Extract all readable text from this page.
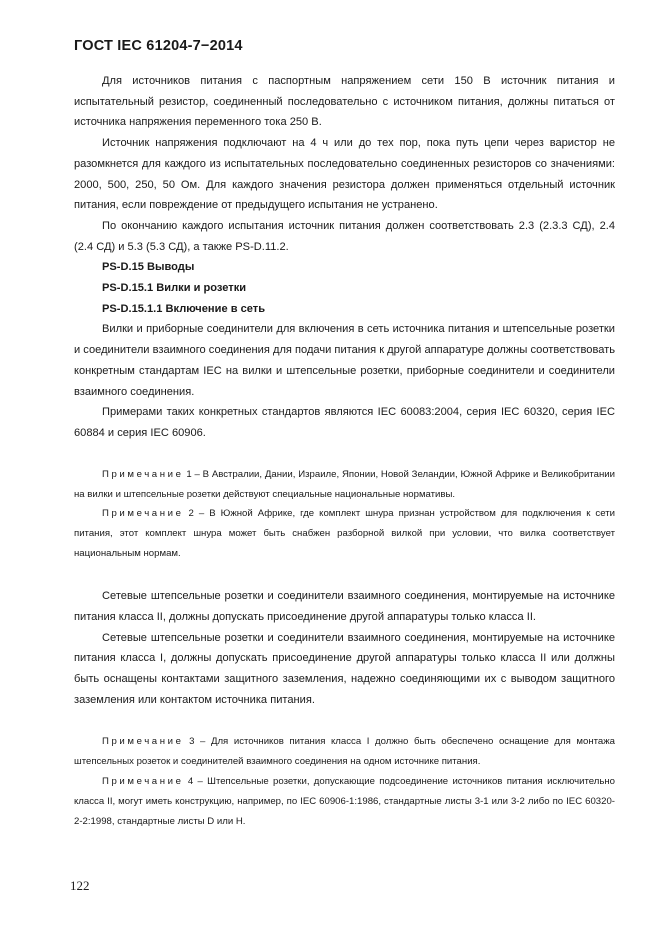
ГОСТ IEC 61204-7−2014

Для источников питания с паспортным напряжением сети 150 В источник питания и испытательный резистор, соединенный последовательно с источником питания, должны питаться от источника напряжения переменного тока 250 В.

Источник напряжения подключают на 4 ч или до тех пор, пока путь цепи через варистор не разомкнется для каждого из испытательных последовательно соединенных резисторов со значениями: 2000, 500, 250, 50 Ом. Для каждого значения резистора должен применяться отдельный источник питания, если повреждение от предыдущего испытания не устранено.

По окончанию каждого испытания источник питания должен соответствовать 2.3 (2.3.3 СД), 2.4 (2.4 СД) и 5.3 (5.3 СД), а также PS-D.11.2.

PS-D.15 Выводы

PS-D.15.1 Вилки и розетки

PS-D.15.1.1 Включение в сеть

Вилки и приборные соединители для включения в сеть источника питания и штепсельные розетки и соединители взаимного соединения для подачи питания к другой аппаратуре должны соответствовать конкретным стандартам IEC на вилки и штепсельные розетки, приборные соединители и соединители взаимного соединения.

Примерами таких конкретных стандартов являются IEC 60083:2004, серия IEC 60320, серия IEC 60884 и серия IEC 60906.

Примечание 1 – В Австралии, Дании, Израиле, Японии, Новой Зеландии, Южной Африке и Великобритании на вилки и штепсельные розетки действуют специальные национальные нормативы.

Примечание 2 – В Южной Африке, где комплект шнура признан устройством для подключения к сети питания, этот комплект шнура может быть снабжен разборной вилкой при условии, что вилка соответствует национальным нормам.

Сетевые штепсельные розетки и соединители взаимного соединения, монтируемые на источнике питания класса II, должны допускать присоединение другой аппаратуры только класса II.

Сетевые штепсельные розетки и соединители взаимного соединения, монтируемые на источнике питания класса I, должны допускать присоединение другой аппаратуры только класса II или должны быть оснащены контактами защитного заземления, надежно соединяющими их с выводом защитного заземления или контактом источника питания.

Примечание 3 – Для источников питания класса I должно быть обеспечено оснащение для монтажа штепсельных розеток и соединителей взаимного соединения на одном источнике питания.

Примечание 4 – Штепсельные розетки, допускающие подсоединение источников питания исключительно класса II, могут иметь конструкцию, например, по IEC 60906-1:1986, стандартные листы 3-1 или 3-2 либо по IEC 60320-2-2:1998, стандартные листы D или H.

122
